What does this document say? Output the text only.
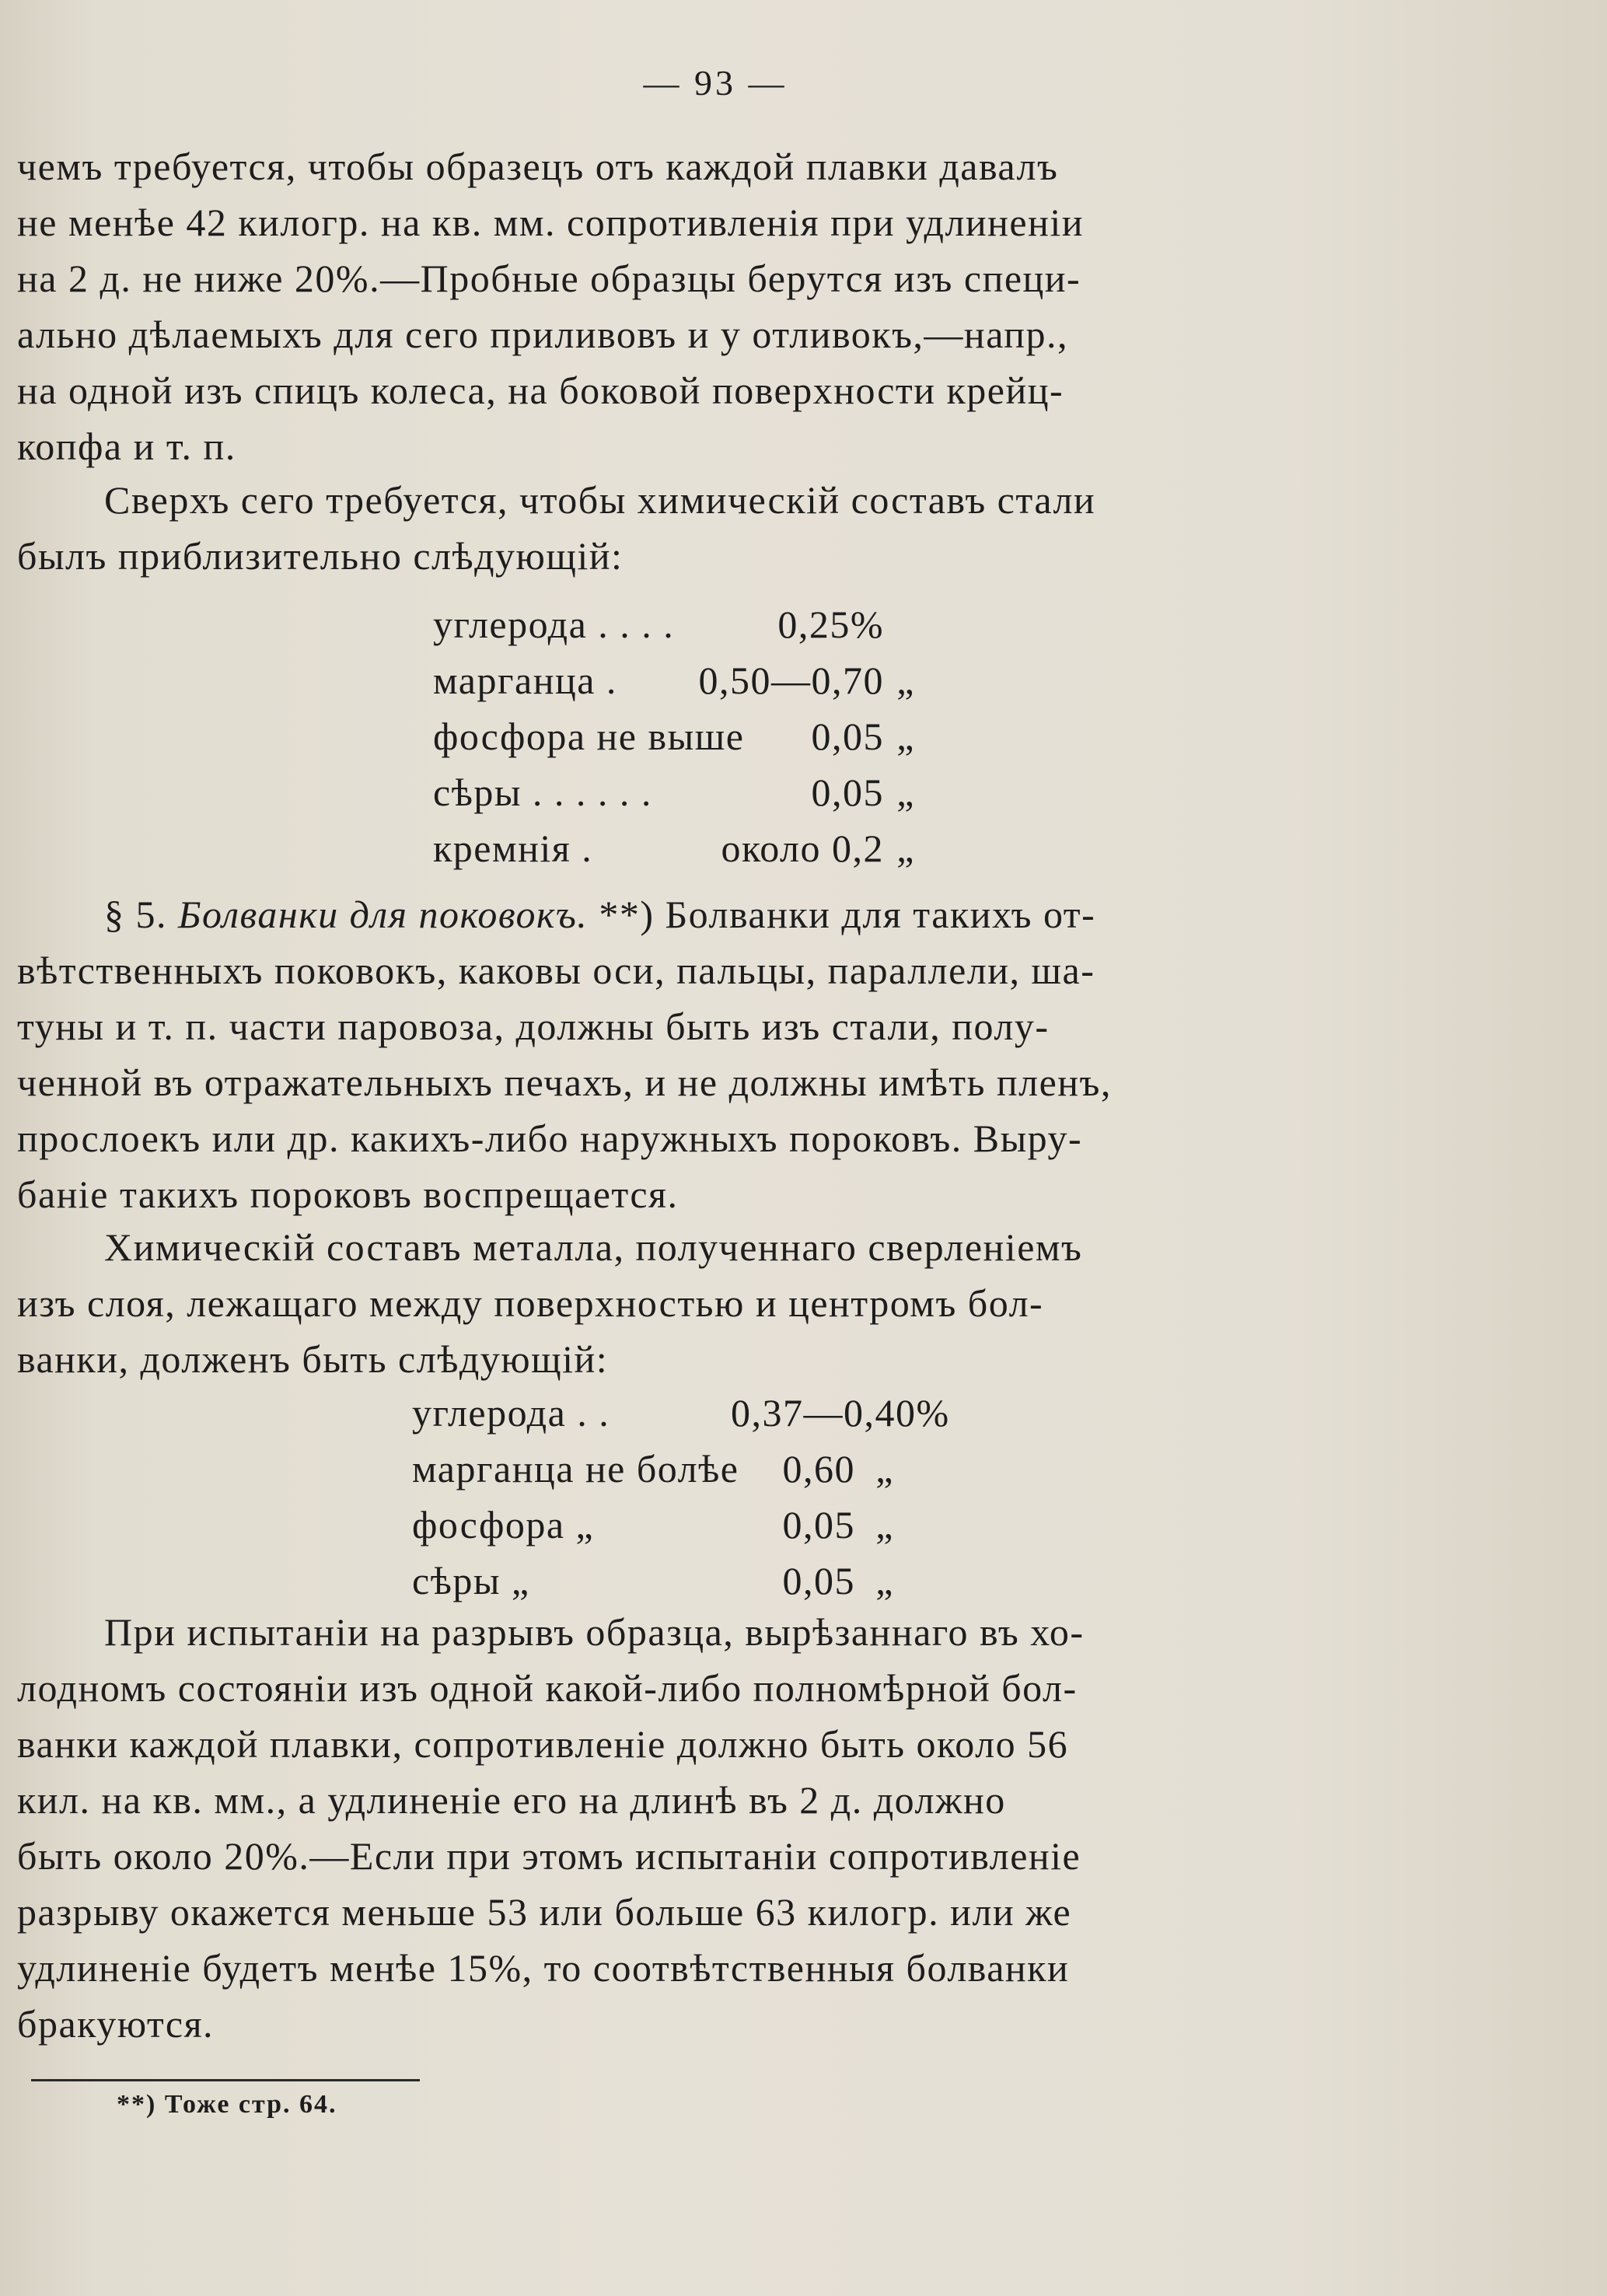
— 93 —
чемъ требуется, чтобы образецъ отъ каждой плавки давалъ
не менѣе 42 килогр. на кв. мм. сопротивленія при удлиненіи
на 2 д. не ниже 20%.—Пробные образцы берутся изъ специ-
ально дѣлаемыхъ для сего приливовъ и у отливокъ,—напр.,
на одной изъ спицъ колеса, на боковой поверхности крейц-
копфа и т. п.
Сверхъ сего требуется, чтобы химическій составъ стали
былъ приблизительно слѣдующій:
углерода . . . .	0,25%
марганца .	0,50—0,70 „
фосфора не выше	0,05 „
сѣры . . . . . .	0,05 „
кремнія .	около 0,2 „
§ 5. Болванки для поковокъ. **) Болванки для такихъ от-
вѣтственныхъ поковокъ, каковы оси, пальцы, параллели, ша-
туны и т. п. части паровоза, должны быть изъ стали, полу-
ченной въ отражательныхъ печахъ, и не должны имѣть пленъ,
прослоекъ или др. какихъ-либо наружныхъ пороковъ. Выру-
баніе такихъ пороковъ воспрещается.
Химическій составъ металла, полученнаго сверленіемъ
изъ слоя, лежащаго между поверхностью и центромъ бол-
ванки, долженъ быть слѣдующій:
углерода . .	0,37—0,40%
марганца не болѣе	0,60 „
фосфора „	0,05 „
сѣры „	0,05 „
При испытаніи на разрывъ образца, вырѣзаннаго въ хо-
лодномъ состояніи изъ одной какой-либо полномѣрной бол-
ванки каждой плавки, сопротивленіе должно быть около 56
кил. на кв. мм., а удлиненіе его на длинѣ въ 2 д. должно
быть около 20%.—Если при этомъ испытаніи сопротивленіе
разрыву окажется меньше 53 или больше 63 килогр. или же
удлиненіе будетъ менѣе 15%, то соотвѣтственныя болванки
бракуются.
**) Тоже стр. 64.
